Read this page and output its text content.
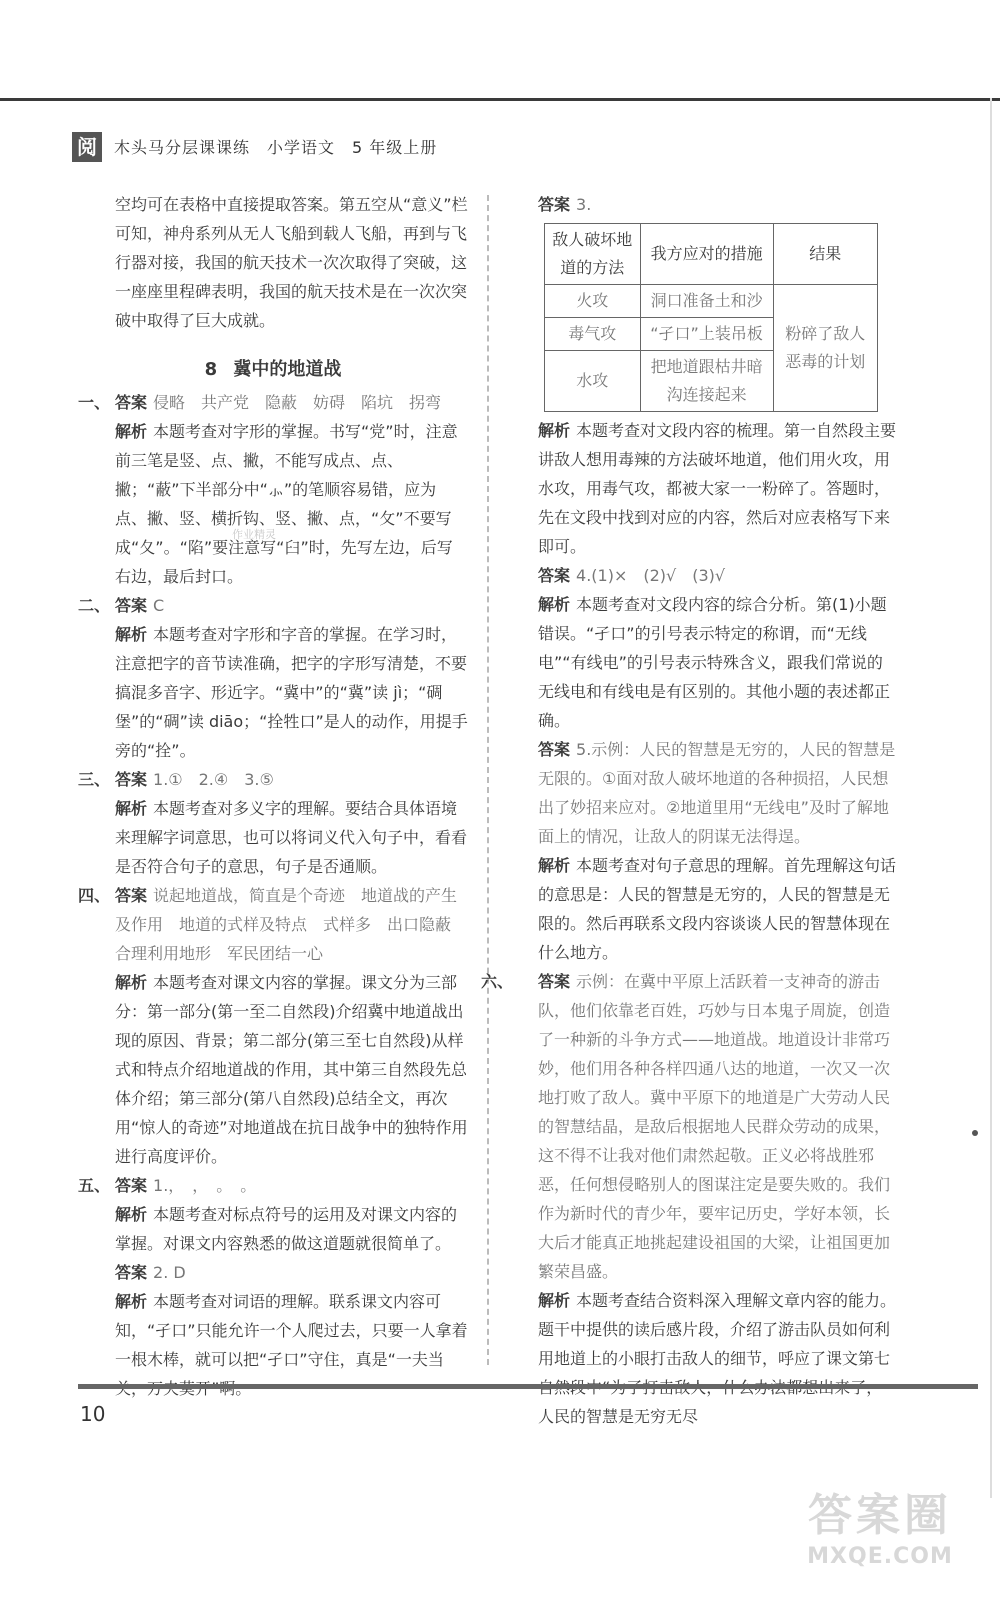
阅	木头马分层课课练　小学语文　5 年级上册

空均可在表格中直接提取答案。第五空从“意义”栏可知，神舟系列从无人飞船到载人飞船，再到与飞行器对接，我国的航天技术一次次取得了突破，这一座座里程碑表明，我国的航天技术是在一次次突破中取得了巨大成就。

8 冀中的地道战
一、 答案 侵略　共产党　隐蔽　妨碍　陷坑　拐弯

解析 本题考查对字形的掌握。书写“党”时，注意前三笔是竖、点、撇，不能写成点、点、撇；“蔽”下半部分中“⺗”的笔顺容易错，应为点、撇、竖、横折钩、竖、撇、点，“攵”不要写成“夂”。“陷”要注意写“臼”时，先写左边，后写右边，最后封口。

二、 答案 C

解析 本题考查对字形和字音的掌握。在学习时，注意把字的音节读准确，把字的字形写清楚，不要搞混多音字、形近字。“冀中”的“冀”读 jì；“碉堡”的“碉”读 diāo；“拴牲口”是人的动作，用提手旁的“拴”。

三、 答案 1.①　2.④　3.⑤

解析 本题考查对多义字的理解。要结合具体语境来理解字词意思，也可以将词义代入句子中，看看是否符合句子的意思，句子是否通顺。

四、 答案 说起地道战，简直是个奇迹　地道战的产生及作用　地道的式样及特点　式样多　出口隐蔽　合理利用地形　军民团结一心

解析 本题考查对课文内容的掌握。课文分为三部分：第一部分(第一至二自然段)介绍冀中地道战出现的原因、背景；第二部分(第三至七自然段)从样式和特点介绍地道战的作用，其中第三自然段先总体介绍；第三部分(第八自然段)总结全文，再次用“惊人的奇迹”对地道战在抗日战争中的独特作用进行高度评价。

五、 答案 1.，　，　。　。

解析 本题考查对标点符号的运用及对课文内容的掌握。对课文内容熟悉的做这道题就很简单了。

答案 2. D

解析 本题考查对词语的理解。联系课文内容可知，“孑口”只能允许一个人爬过去，只要一人拿着一根木棒，就可以把“孑口”守住，真是“一夫当

作业精灵

答案 3.

敌人破坏地道的方法	我方应对的措施	结果
火攻	洞口准备土和沙	粉碎了敌人恶毒的计划
毒气攻	“孑口”上装吊板	
水攻	把地道跟枯井暗沟连接起来	

解析 本题考查对文段内容的梳理。第一自然段主要讲敌人想用毒辣的方法破坏地道，他们用火攻，用水攻，用毒气攻，都被大家一一粉碎了。答题时，先在文段中找到对应的内容，然后对应表格写下来即可。

答案 4.(1)×　(2)√　(3)√

解析 本题考查对文段内容的综合分析。第(1)小题错误。“孑口”的引号表示特定的称谓，而“无线电”“有线电”的引号表示特殊含义，跟我们常说的无线电和有线电是有区别的。其他小题的表述都正确。

答案 5.示例：人民的智慧是无穷的，人民的智慧是无限的。①面对敌人破坏地道的各种损招，人民想出了妙招来应对。②地道里用“无线电”及时了解地面上的情况，让敌人的阴谋无法得逞。

解析 本题考查对句子意思的理解。首先理解这句话的意思是：人民的智慧是无穷的，人民的智慧是无限的。然后再联系文段内容谈谈人民的智慧体现在什么地方。

六、 答案 示例：在冀中平原上活跃着一支神奇的游击队，他们依靠老百姓，巧妙与日本鬼子周旋，创造了一种新的斗争方式——地道战。地道设计非常巧妙，他们用各种各样四通八达的地道，一次又一次地打败了敌人。冀中平原下的地道是广大劳动人民的智慧结晶，是敌后根据地人民群众劳动的成果，这不得不让我对他们肃然起敬。正义必将战胜邪恶，任何想侵略别人的图谋注定是要失败的。我们作为新时代的青少年，要牢记历史，学好本领，长大后才能真正地挑起建设祖国的大梁，让祖国更加繁荣昌盛。

解析 本题考查结合资料深入理解文章内容的能力。题干中提供的读后感片段，介绍了游击队员如何利用地道上的小眼打击敌人的细节，呼应了课文第七 人民的智慧是无穷无尽

10
答案圈
MXQE.COM
